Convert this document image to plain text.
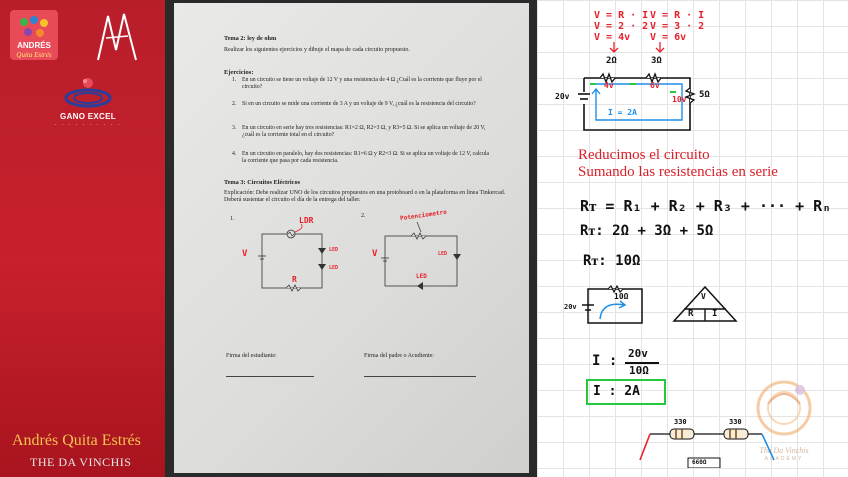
ANDRÉS
Quita Estrés
GANO EXCEL
· · · · · · · · · ·
Andrés Quita Estrés
THE DA VINCHIS
Tema 2: ley de ohm
Realizar los siguientes ejercicios y dibuje el mapa de cada circuito propuesto.
Ejercicios:
1. En un circuito se tiene un voltaje de 12 V y una resistencia de 4 Ω ¿Cuál es la corriente que fluye por el circuito?
2. Si en un circuito se mide una corriente de 3 A y un voltaje de 9 V, ¿cuál es la resistencia del circuito?
3. En un circuito en serie hay tres resistencias: R1=2 Ω, R2=3 Ω, y R3=5 Ω. Si se aplica un voltaje de 20 V, ¿cuál es la corriente total en el circuito?
4. En un circuito en paralelo, hay dos resistencias: R1=6 Ω y R2=3 Ω. Si se aplica un voltaje de 12 V, calcula la corriente que pasa por cada resistencia.
Tema 3: Circuitos Eléctricos
Explicación: Debe realizar UNO de los circuitos propuestos en una protoboard o en la plataforma en linea Tinkercad. Deberá sustentar el circuito el día de la entrega del taller.
1.	2.
LDR
LED
LED
R
V
Potenciometro
LED
LED
V
Firma del estudiante:	Firma del padre o Acudiente:
V = R · I
V = 2 · 2
V = 4v
V = R · I
V = 3 · 2
V = 6v
2Ω	3Ω
5Ω
4v	6v
10v
20v
I = 2A
Reducimos el circuito
Sumando las resistencias en serie
Rᴛ = R₁ + R₂ + R₃ + ··· + Rₙ
Rᴛ: 2Ω + 3Ω + 5Ω
Rᴛ: 10Ω
20v
10Ω	V
R I
I : 20v
10Ω
I : 2A
330	330
660Ω
The Da Vinchis
ACADEMY
